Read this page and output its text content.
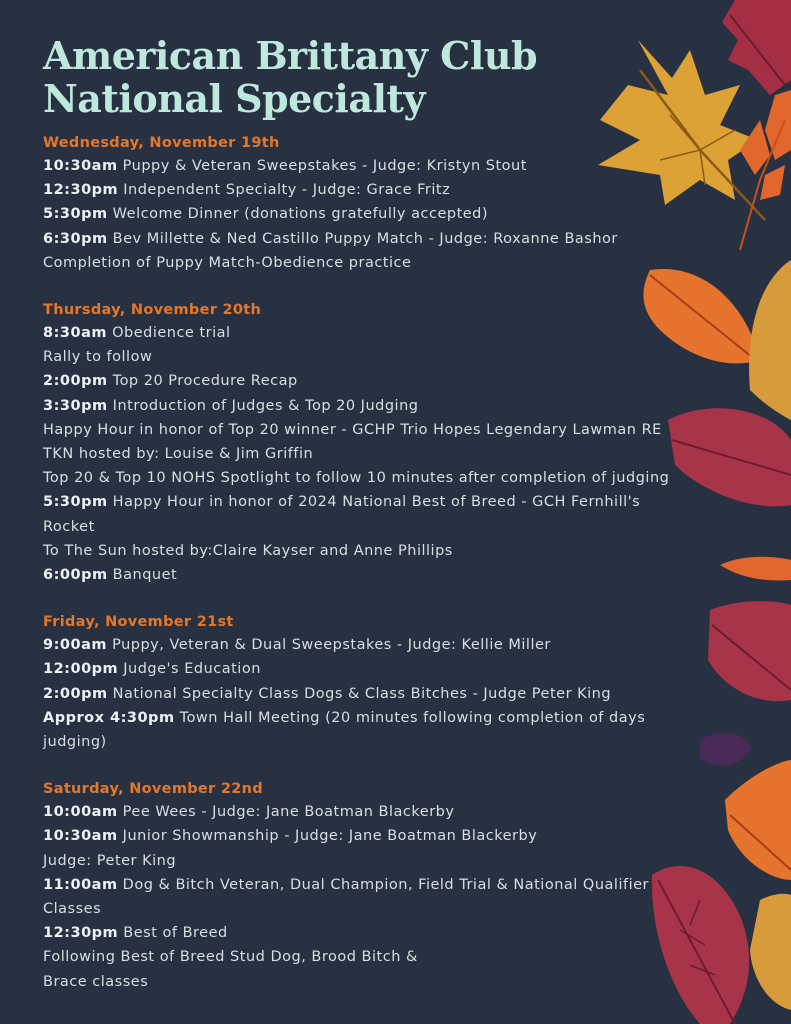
American Brittany Club
National Specialty
Wednesday, November 19th
10:30am Puppy & Veteran Sweepstakes - Judge: Kristyn Stout
12:30pm Independent Specialty - Judge: Grace Fritz
5:30pm Welcome Dinner (donations gratefully accepted)
6:30pm Bev Millette & Ned Castillo Puppy Match - Judge: Roxanne Bashor
Completion of Puppy Match-Obedience practice
Thursday, November 20th
8:30am Obedience trial
Rally to follow
2:00pm Top 20 Procedure Recap
3:30pm Introduction of Judges & Top 20 Judging
Happy Hour in honor of Top 20 winner - GCHP Trio Hopes Legendary Lawman RE
TKN hosted by: Louise & Jim Griffin
Top 20 & Top 10 NOHS Spotlight to follow 10 minutes after completion of judging
5:30pm Happy Hour in honor of 2024 National Best of Breed - GCH Fernhill's Rocket
To The Sun hosted by:Claire Kayser and Anne Phillips
6:00pm Banquet
Friday, November 21st
9:00am Puppy, Veteran & Dual Sweepstakes - Judge: Kellie Miller
12:00pm Judge's Education
2:00pm National Specialty Class Dogs & Class Bitches - Judge Peter King
Approx 4:30pm Town Hall Meeting (20 minutes following completion of days
judging)
Saturday, November 22nd
10:00am Pee Wees - Judge: Jane Boatman Blackerby
10:30am Junior Showmanship - Judge: Jane Boatman Blackerby
Judge: Peter King
11:00am Dog & Bitch Veteran, Dual Champion, Field Trial & National Qualifier
Classes
12:30pm Best of Breed
Following Best of Breed Stud Dog, Brood Bitch &
Brace classes
